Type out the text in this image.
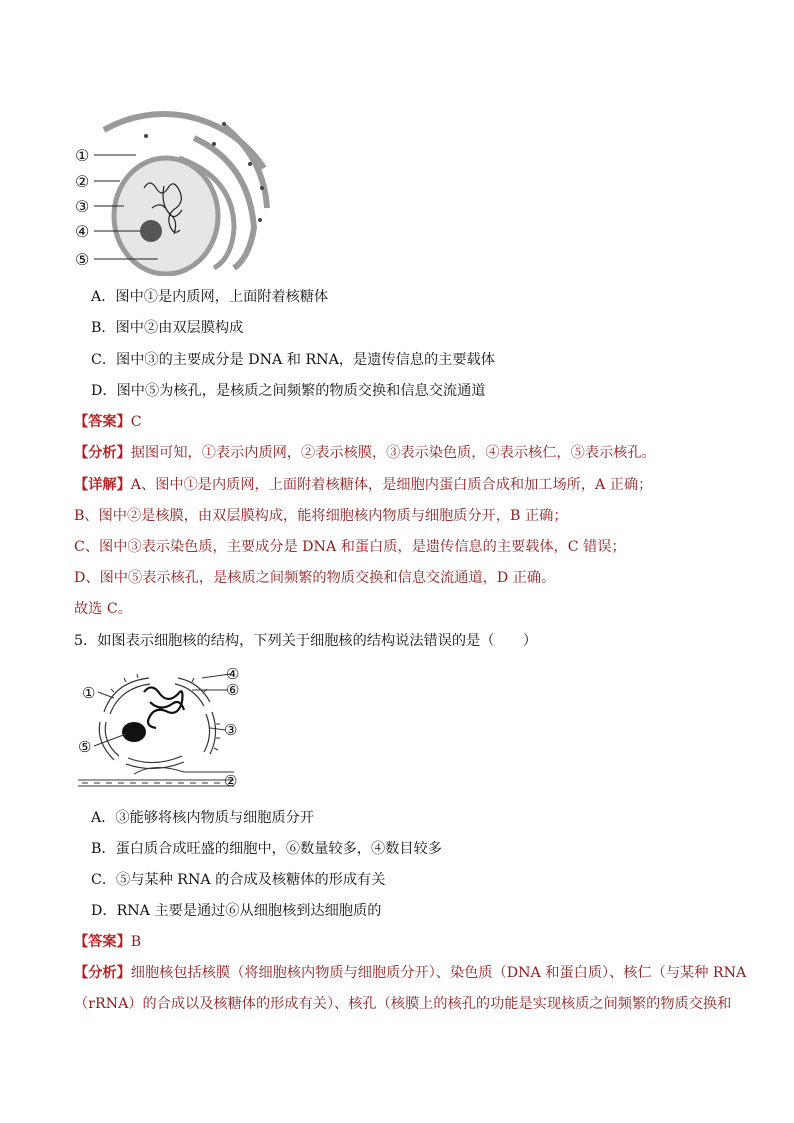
①
②
③
④
⑤
A．图中①是内质网，上面附着核糖体
B．图中②由双层膜构成
C．图中③的主要成分是 DNA 和 RNA，是遗传信息的主要载体
D．图中⑤为核孔，是核质之间频繁的物质交换和信息交流通道
【答案】C
【分析】据图可知，①表示内质网，②表示核膜，③表示染色质，④表示核仁，⑤表示核孔。
【详解】A、图中①是内质网，上面附着核糖体，是细胞内蛋白质合成和加工场所，A 正确；
B、图中②是核膜，由双层膜构成，能将细胞核内物质与细胞质分开，B 正确；
C、图中③表示染色质，主要成分是 DNA 和蛋白质，是遗传信息的主要载体，C 错误；
D、图中⑤表示核孔，是核质之间频繁的物质交换和信息交流通道，D 正确。
故选 C。
5．如图表示细胞核的结构，下列关于细胞核的结构说法错误的是（　　）
①
②
③
④
⑤
⑥
A．③能够将核内物质与细胞质分开
B．蛋白质合成旺盛的细胞中，⑥数量较多，④数目较多
C．⑤与某种 RNA 的合成及核糖体的形成有关
D．RNA 主要是通过⑥从细胞核到达细胞质的
【答案】B
【分析】细胞核包括核膜（将细胞核内物质与细胞质分开）、染色质（DNA 和蛋白质）、核仁（与某种 RNA
（rRNA）的合成以及核糖体的形成有关）、核孔（核膜上的核孔的功能是实现核质之间频繁的物质交换和
